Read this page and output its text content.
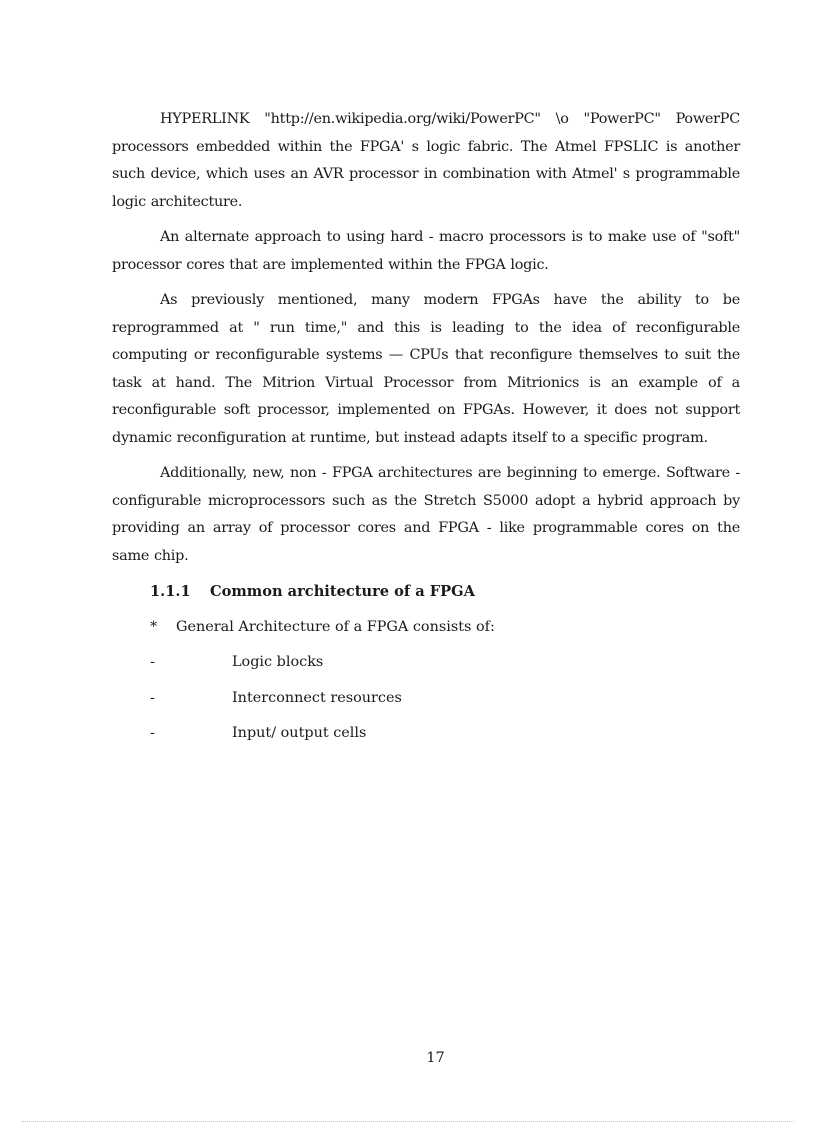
HYPERLINK "http://en.wikipedia.org/wiki/PowerPC" \o "PowerPC" PowerPC processors embedded within the FPGA' s logic fabric. The Atmel FPSLIC is another such device, which uses an AVR processor in combination with Atmel' s programmable logic architecture.

An alternate approach to using hard - macro processors is to make use of "soft" processor cores that are implemented within the FPGA logic.

As previously mentioned, many modern FPGAs have the ability to be reprogrammed at " run time," and this is leading to the idea of reconfigurable computing or reconfigurable systems — CPUs that reconfigure themselves to suit the task at hand. The Mitrion Virtual Processor from Mitrionics is an example of a reconfigurable soft processor, implemented on FPGAs. However, it does not support dynamic reconfiguration at runtime, but instead adapts itself to a specific program.

Additionally, new, non - FPGA architectures are beginning to emerge. Software - configurable microprocessors such as the Stretch S5000 adopt a hybrid approach by providing an array of processor cores and FPGA - like programmable cores on the same chip.

1.1.1 Common architecture of a FPGA
* General Architecture of a FPGA consists of:
-	Logic blocks
-	Interconnect resources
-	Input/ output cells
17
